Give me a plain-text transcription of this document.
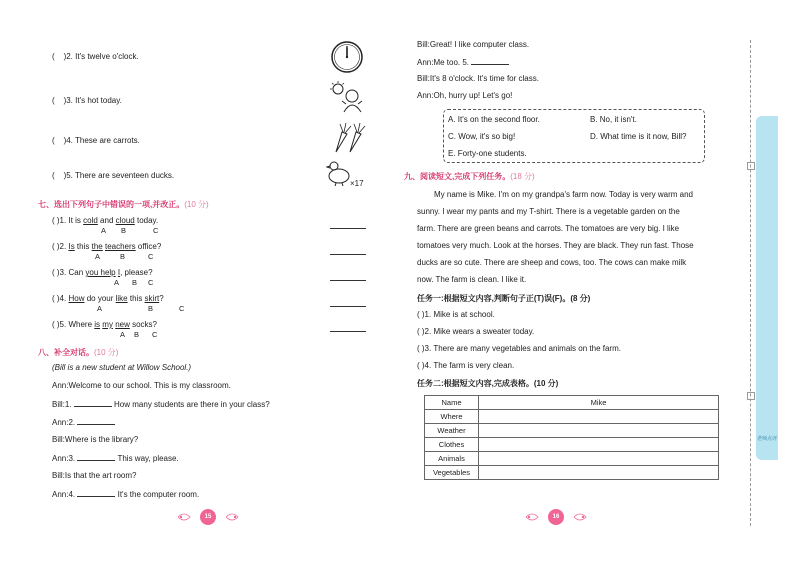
( )2. It's twelve o'clock.
( )3. It's hot today.
( )4. These are carrots.
( )5. There are seventeen ducks.
×17
七、选出下列句子中错误的一项,并改正。(10 分)
( )1. It is cold and cloud today.
A B	C
( )2. Is this the teachers office?
A	B	C
( )3. Can you help I, please?
A B C
( )4. How do your like this skirt?
A	B	C
( )5. Where is my new socks?
A B C
八、补全对话。(10 分)
(Bill is a new student at Willow School.)
Ann:Welcome to our school. This is my classroom.
Bill:1.	How many students are there in your class?
Ann:2.
Bill:Where is the library?
Ann:3.	This way, please.
Bill:Is that the art room?
Ann:4.	It's the computer room.
15
Bill:Great! I like computer class.
Ann:Me too. 5.
Bill:It's 8 o'clock. It's time for class.
Ann:Oh, hurry up! Let's go!
A. It's on the second floor.	B. No, it isn't.
C. Wow, it's so big!	D. What time is it now, Bill?
E. Forty-one students.
九、阅读短文,完成下列任务。(18 分)
My name is Mike. I'm on my grandpa's farm now. Today is very warm and
sunny. I wear my pants and my T-shirt. There is a vegetable garden on the
farm. There are green beans and carrots. The tomatoes are very big. I like
tomatoes very much. Look at the horses. They are black. They run fast. Those
ducks are so cute. There are sheep and cows, too. The cows can make milk
now. The farm is clean. I like it.
任务一:根据短文内容,判断句子正(T)误(F)。(8 分)
( )1. Mike is at school.
( )2. Mike wears a sweater today.
( )3. There are many vegetables and animals on the farm.
( )4. The farm is very clean.
任务二:根据短文内容,完成表格。(10 分)
Name	Mike
Where	
Weather	
Clothes	
Animals	
Vegetables	
16
老师点评
